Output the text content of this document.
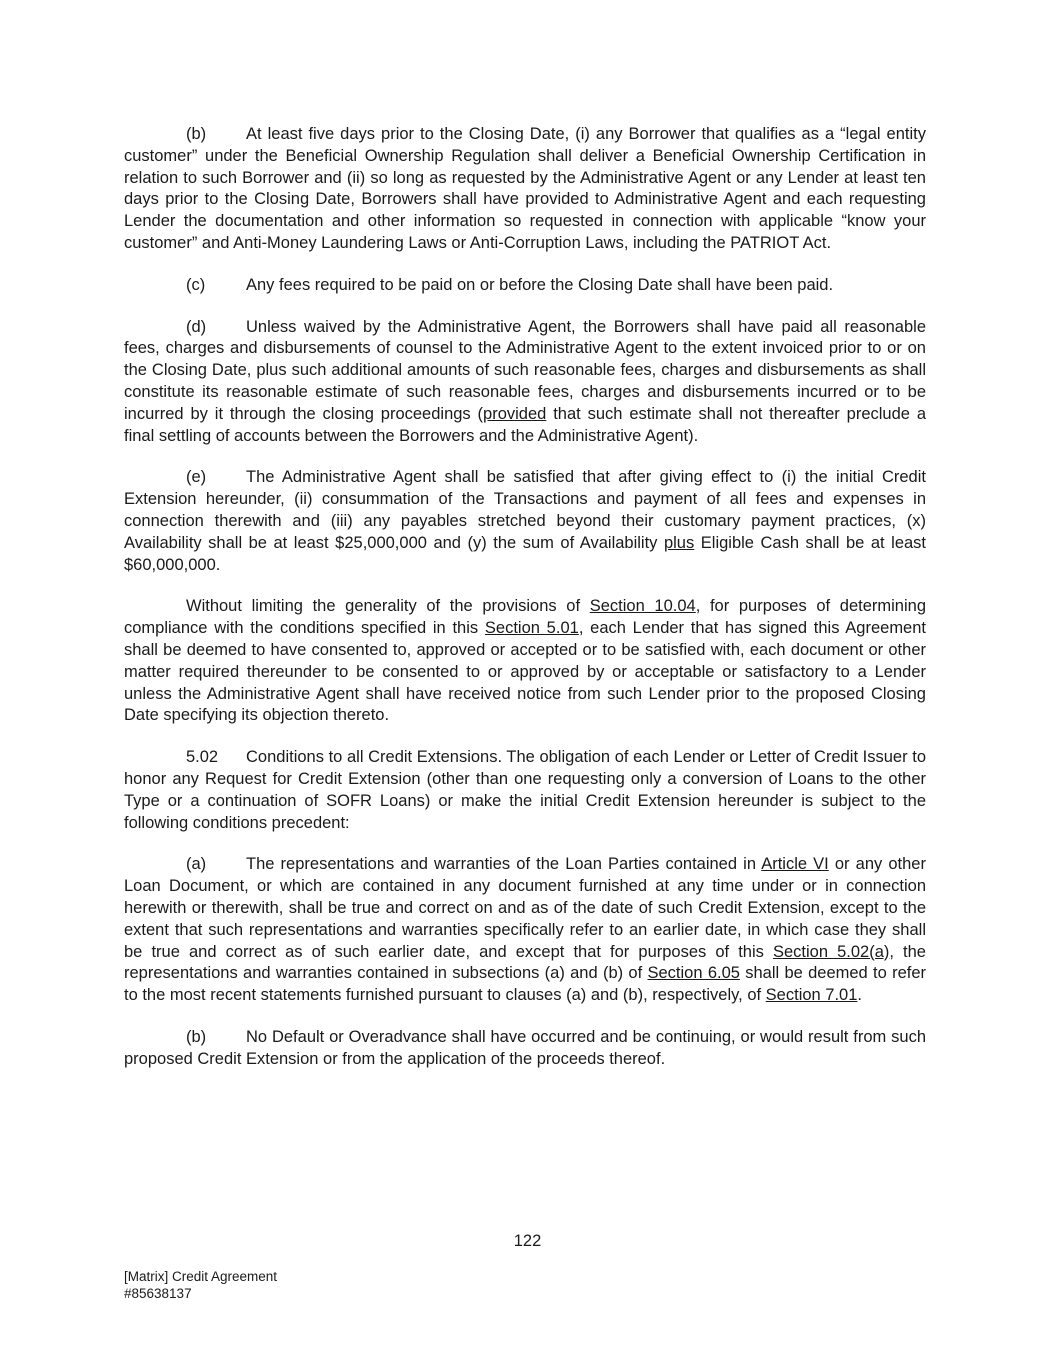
(b) At least five days prior to the Closing Date, (i) any Borrower that qualifies as a “legal entity customer” under the Beneficial Ownership Regulation shall deliver a Beneficial Ownership Certification in relation to such Borrower and (ii) so long as requested by the Administrative Agent or any Lender at least ten days prior to the Closing Date, Borrowers shall have provided to Administrative Agent and each requesting Lender the documentation and other information so requested in connection with applicable “know your customer” and Anti-Money Laundering Laws or Anti-Corruption Laws, including the PATRIOT Act.

(c) Any fees required to be paid on or before the Closing Date shall have been paid.

(d) Unless waived by the Administrative Agent, the Borrowers shall have paid all reasonable fees, charges and disbursements of counsel to the Administrative Agent to the extent invoiced prior to or on the Closing Date, plus such additional amounts of such reasonable fees, charges and disbursements as shall constitute its reasonable estimate of such reasonable fees, charges and disbursements incurred or to be incurred by it through the closing proceedings (provided that such estimate shall not thereafter preclude a final settling of accounts between the Borrowers and the Administrative Agent).

(e) The Administrative Agent shall be satisfied that after giving effect to (i) the initial Credit Extension hereunder, (ii) consummation of the Transactions and payment of all fees and expenses in connection therewith and (iii) any payables stretched beyond their customary payment practices, (x) Availability shall be at least $25,000,000 and (y) the sum of Availability plus Eligible Cash shall be at least $60,000,000.

Without limiting the generality of the provisions of Section 10.04, for purposes of determining compliance with the conditions specified in this Section 5.01, each Lender that has signed this Agreement shall be deemed to have consented to, approved or accepted or to be satisfied with, each document or other matter required thereunder to be consented to or approved by or acceptable or satisfactory to a Lender unless the Administrative Agent shall have received notice from such Lender prior to the proposed Closing Date specifying its objection thereto.

5.02 Conditions to all Credit Extensions. The obligation of each Lender or Letter of Credit Issuer to honor any Request for Credit Extension (other than one requesting only a conversion of Loans to the other Type or a continuation of SOFR Loans) or make the initial Credit Extension hereunder is subject to the following conditions precedent:

(a) The representations and warranties of the Loan Parties contained in Article VI or any other Loan Document, or which are contained in any document furnished at any time under or in connection herewith or therewith, shall be true and correct on and as of the date of such Credit Extension, except to the extent that such representations and warranties specifically refer to an earlier date, in which case they shall be true and correct as of such earlier date, and except that for purposes of this Section 5.02(a), the representations and warranties contained in subsections (a) and (b) of Section 6.05 shall be deemed to refer to the most recent statements furnished pursuant to clauses (a) and (b), respectively, of Section 7.01.

(b) No Default or Overadvance shall have occurred and be continuing, or would result from such proposed Credit Extension or from the application of the proceeds thereof.

122
[Matrix] Credit Agreement
#85638137
